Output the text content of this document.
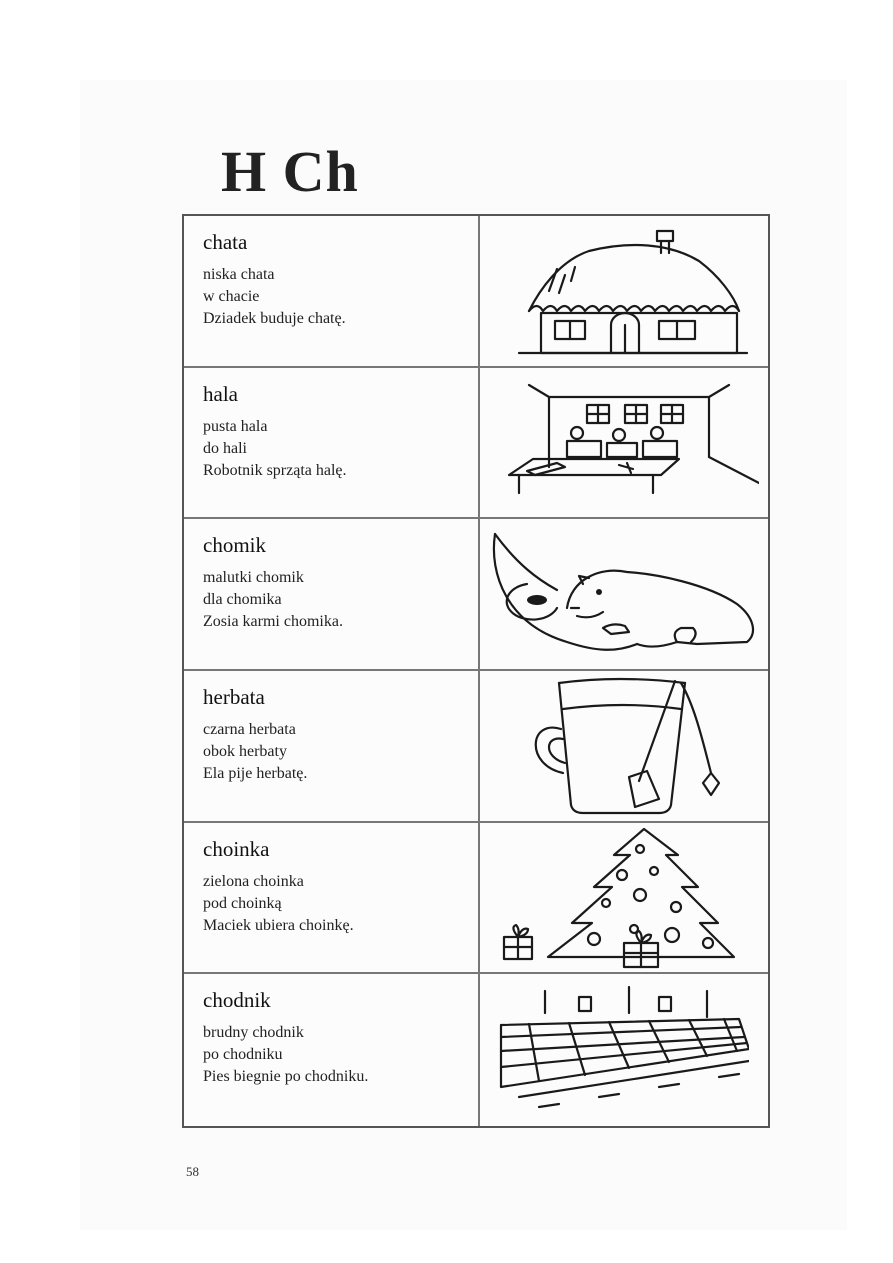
H Ch

chata

niska chata

w chacie

Dziadek buduje chatę.

hala

pusta hala

do hali

Robotnik sprząta halę.

chomik

malutki chomik

dla chomika

Zosia karmi chomika.

herbata

czarna herbata

obok herbaty

Ela pije herbatę.

choinka

zielona choinka

pod choinką

Maciek ubiera choinkę.

chodnik

brudny chodnik

po chodniku

Pies biegnie po chodniku.

58
